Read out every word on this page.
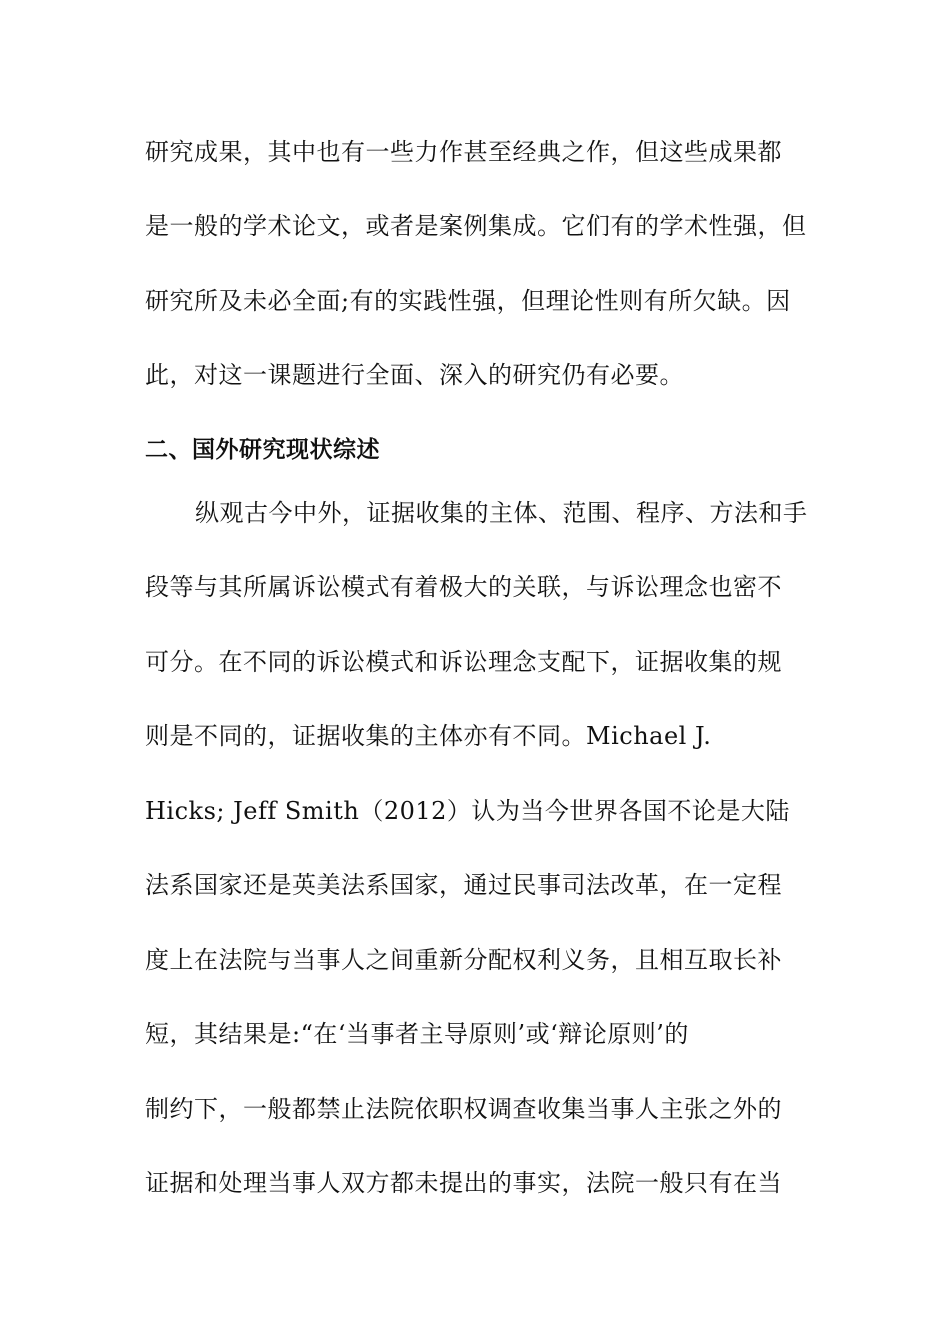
研究成果，其中也有一些力作甚至经典之作，但这些成果都
是一般的学术论文，或者是案例集成。它们有的学术性强，但
研究所及未必全面;有的实践性强，但理论性则有所欠缺。因
此，对这一课题进行全面、深入的研究仍有必要。
二、国外研究现状综述
纵观古今中外，证据收集的主体、范围、程序、方法和手
段等与其所属诉讼模式有着极大的关联，与诉讼理念也密不
可分。在不同的诉讼模式和诉讼理念支配下，证据收集的规
则是不同的，证据收集的主体亦有不同。Michael J.
Hicks; Jeff Smith（2012）认为当今世界各国不论是大陆
法系国家还是英美法系国家，通过民事司法改革，在一定程
度上在法院与当事人之间重新分配权利义务，且相互取长补
短，其结果是:“在‘当事者主导原则’或‘辩论原则’的
制约下，一般都禁止法院依职权调查收集当事人主张之外的
证据和处理当事人双方都未提出的事实，法院一般只有在当
